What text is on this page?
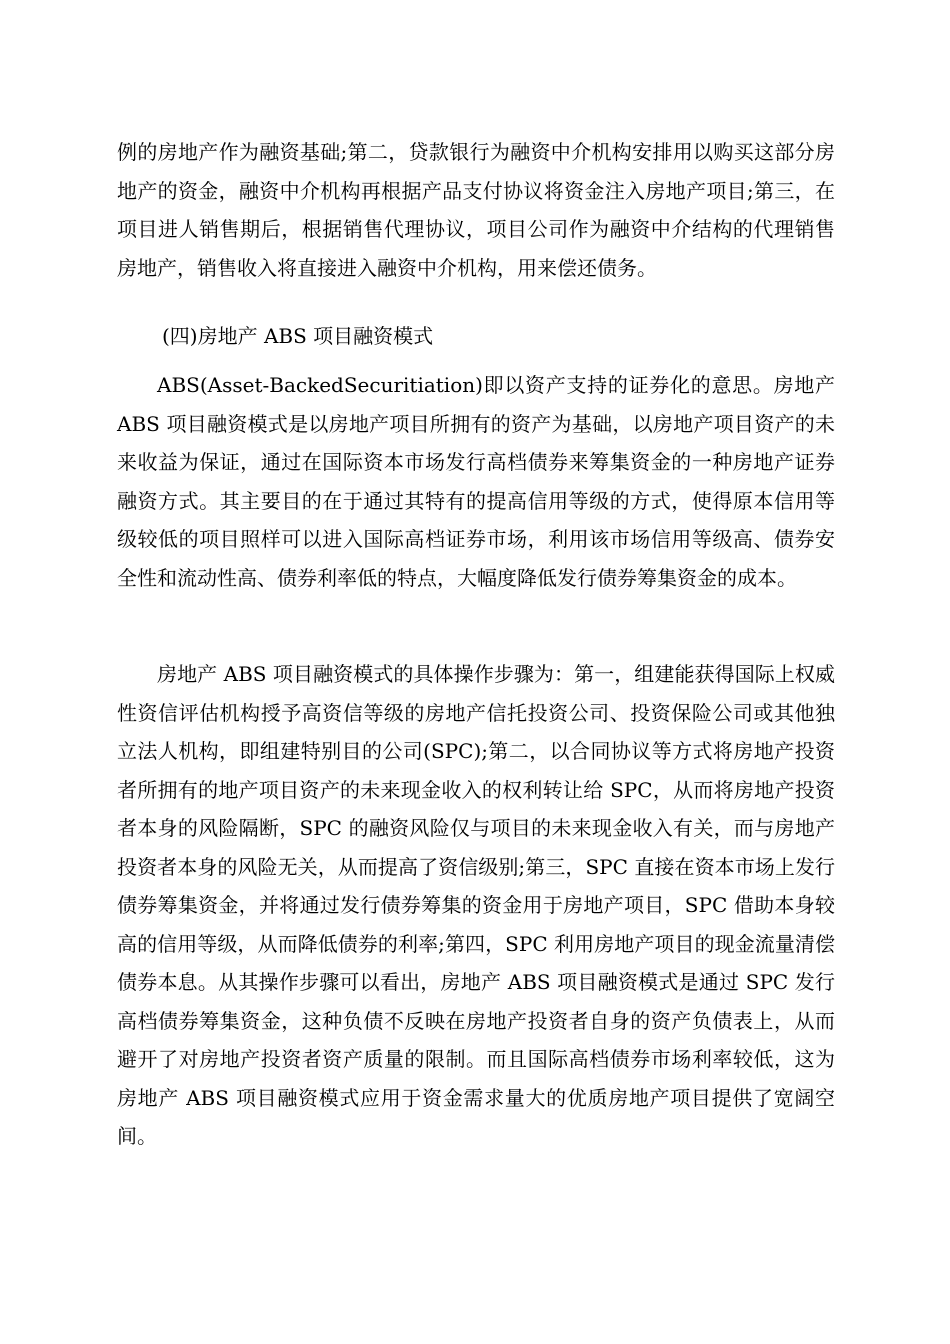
例的房地产作为融资基础;第二，贷款银行为融资中介机构安排用以购买这部分房地产的资金，融资中介机构再根据产品支付协议将资金注入房地产项目;第三，在项目进人销售期后，根据销售代理协议，项目公司作为融资中介结构的代理销售房地产，销售收入将直接进入融资中介机构，用来偿还债务。

(四)房地产 ABS 项目融资模式

ABS(Asset-BackedSecuritiation)即以资产支持的证券化的意思。房地产 ABS 项目融资模式是以房地产项目所拥有的资产为基础，以房地产项目资产的未来收益为保证，通过在国际资本市场发行高档债券来筹集资金的一种房地产证券融资方式。其主要目的在于通过其特有的提高信用等级的方式，使得原本信用等级较低的项目照样可以进入国际高档证券市场，利用该市场信用等级高、债券安全性和流动性高、债券利率低的特点，大幅度降低发行债券筹集资金的成本。

房地产 ABS 项目融资模式的具体操作步骤为：第一，组建能获得国际上权威性资信评估机构授予高资信等级的房地产信托投资公司、投资保险公司或其他独立法人机构，即组建特别目的公司(SPC);第二，以合同协议等方式将房地产投资者所拥有的地产项目资产的未来现金收入的权利转让给 SPC，从而将房地产投资者本身的风险隔断，SPC 的融资风险仅与项目的未来现金收入有关，而与房地产投资者本身的风险无关，从而提高了资信级别;第三，SPC 直接在资本市场上发行债券筹集资金，并将通过发行债券筹集的资金用于房地产项目，SPC 借助本身较高的信用等级，从而降低债券的利率;第四，SPC 利用房地产项目的现金流量清偿债券本息。从其操作步骤可以看出，房地产 ABS 项目融资模式是通过 SPC 发行高档债券筹集资金，这种负债不反映在房地产投资者自身的资产负债表上，从而避开了对房地产投资者资产质量的限制。而且国际高档债券市场利率较低，这为房地产 ABS 项目融资模式应用于资金需求量大的优质房地产项目提供了宽阔空间。
